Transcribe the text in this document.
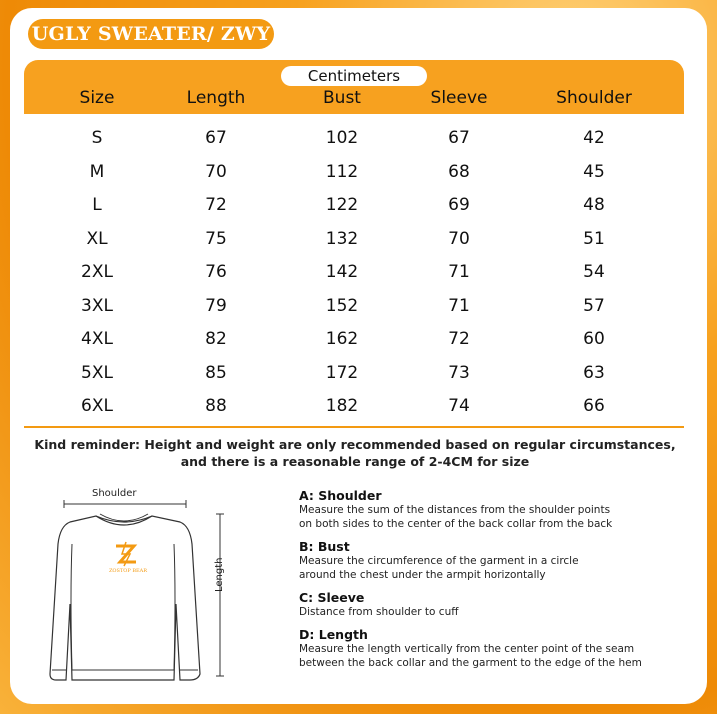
UGLY SWEATER/ ZWY
Centimeters
Size	Length	Bust	Sleeve	Shoulder
S	67	102	67	42
M	70	112	68	45
L	72	122	69	48
XL	75	132	70	51
2XL	76	142	71	54
3XL	79	152	71	57
4XL	82	162	72	60
5XL	85	172	73	63
6XL	88	182	74	66
Kind reminder: Height and weight are only recommended based on regular circumstances,
and there is a reasonable range of 2-4CM for size
Shoulder
Length
ZOSTOP BEAR
A: Shoulder
Measure the sum of the distances from the shoulder points
on both sides to the center of the back collar from the back
B: Bust
Measure the circumference of the garment in a circle
around the chest under the armpit horizontally
C: Sleeve
Distance from shoulder to cuff
D: Length
Measure the length vertically from the center point of the seam
between the back collar and the garment to the edge of the hem
